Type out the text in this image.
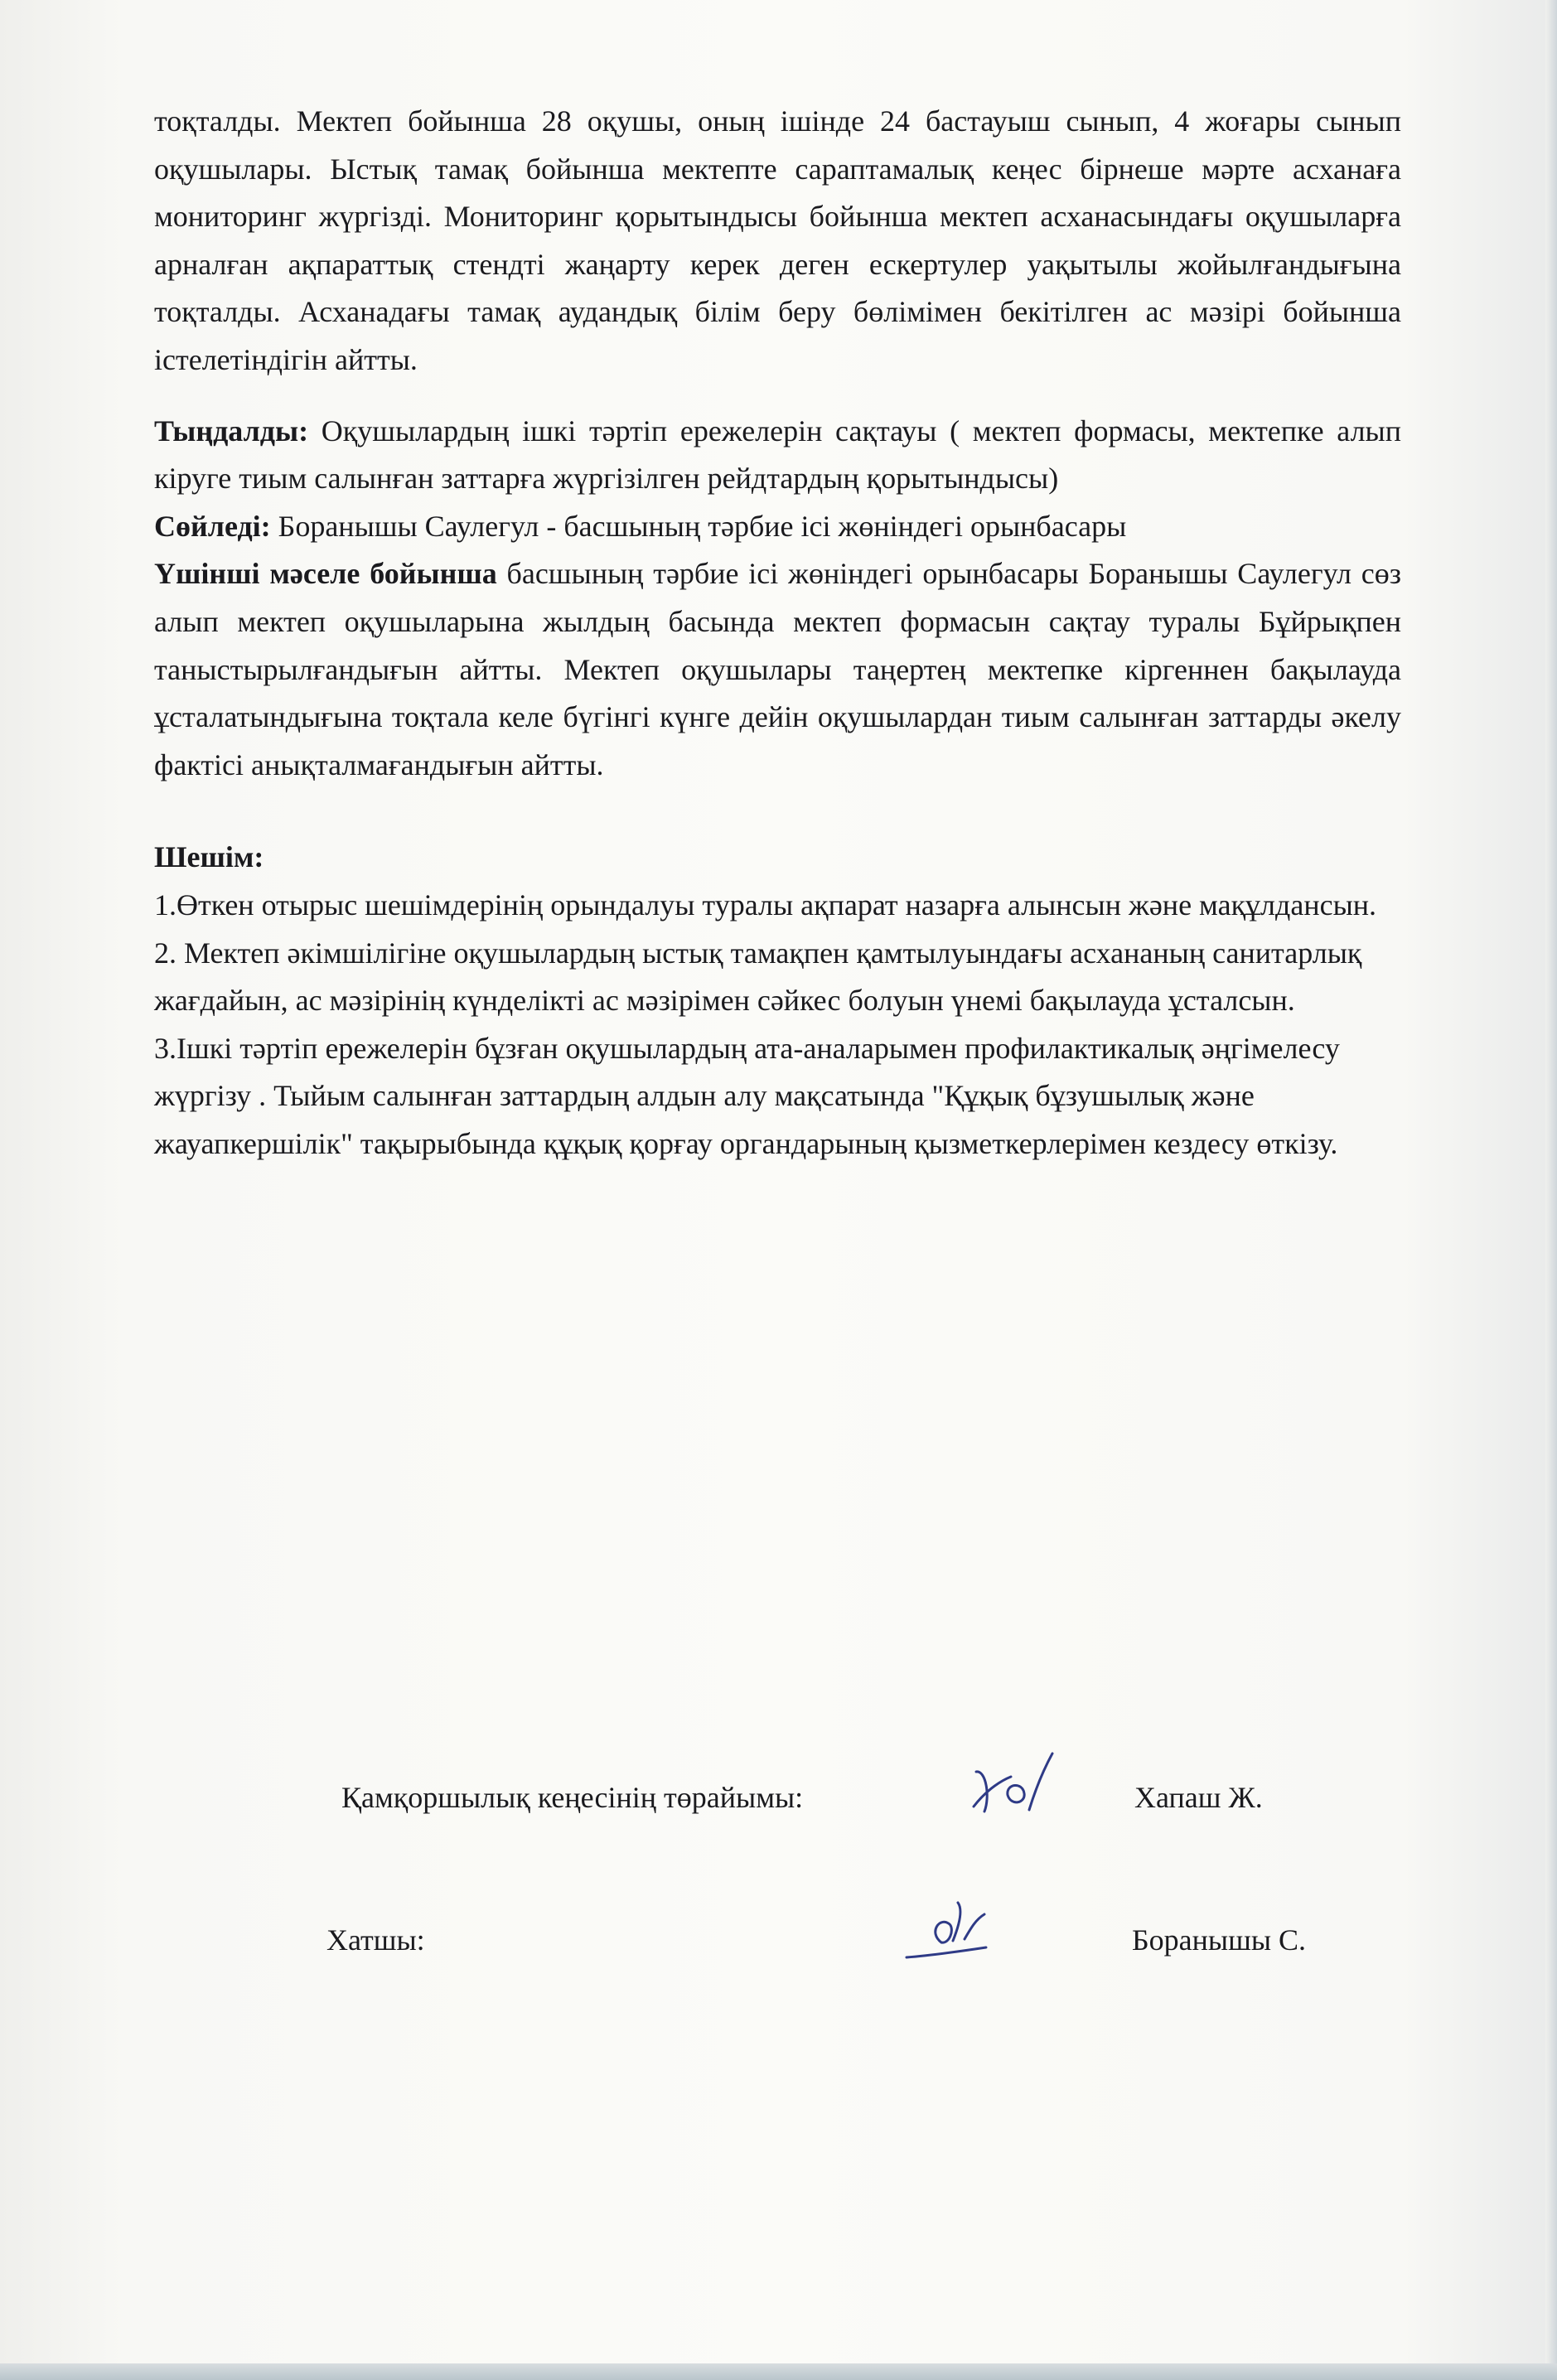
тоқталды. Мектеп бойынша 28 оқушы, оның ішінде 24 бастауыш сынып, 4 жоғары сынып оқушылары. Ыстық тамақ бойынша мектепте сараптамалық кеңес бірнеше мәрте асханаға мониторинг жүргізді. Мониторинг қорытындысы бойынша мектеп асханасындағы оқушыларға арналған ақпараттық стендті жаңарту керек деген ескертулер уақытылы жойылғандығына тоқталды. Асханадағы тамақ аудандық білім беру бөлімімен бекітілген ас мәзірі бойынша істелетіндігін айтты.

Тыңдалды: Оқушылардың ішкі тәртіп ережелерін сақтауы ( мектеп формасы, мектепке алып кіруге тиым салынған заттарға жүргізілген рейдтардың қорытындысы)

Сөйледі: Боранышы Саулегул - басшының тәрбие ісі жөніндегі орынбасары

Үшінші мәселе бойынша басшының тәрбие ісі жөніндегі орынбасары Боранышы Саулегул сөз алып мектеп оқушыларына жылдың басында мектеп формасын сақтау туралы Бұйрықпен таныстырылғандығын айтты. Мектеп оқушылары таңертең мектепке кіргеннен бақылауда ұсталатындығына тоқтала келе бүгінгі күнге дейін оқушылардан тиым салынған заттарды әкелу фактісі анықталмағандығын айтты.

Шешім:

1.Өткен отырыс шешімдерінің орындалуы туралы ақпарат назарға алынсын және мақұлдансын.

2. Мектеп әкімшілігіне оқушылардың ыстық тамақпен қамтылуындағы асхананың санитарлық жағдайын, ас мәзірінің күнделікті ас мәзірімен сәйкес болуын үнемі бақылауда ұсталсын.

3.Ішкі тәртіп ережелерін бұзған оқушылардың ата-аналарымен профилактикалық әңгімелесу жүргізу . Тыйым салынған заттардың алдын алу мақсатында "Құқық бұзушылық және жауапкершілік" тақырыбында құқық қорғау органдарының қызметкерлерімен кездесу өткізу.

Қамқоршылық кеңесінің төрайымы:	Хапаш Ж.
Хатшы:	Боранышы С.
